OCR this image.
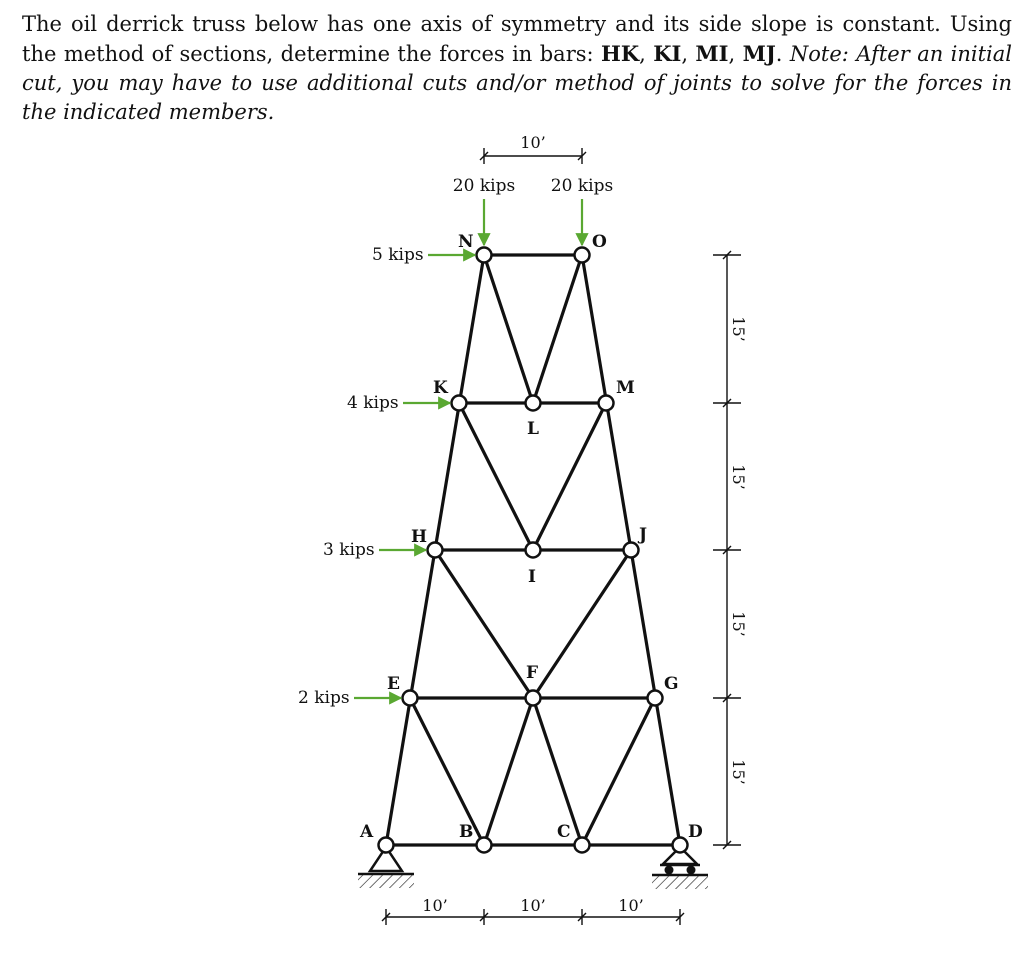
The oil derrick truss below has one axis of symmetry and its side slope is constant. Using the method of sections, determine the forces in bars: HK, KI, MI, MJ. Note: After an initial cut, you may have to use additional cuts and/or method of joints to solve for the forces in the indicated members.

A	B	C	D
E
F
G
H
I
J
K
L
M
N	O
5 kips
4 kips
3 kips
2 kips
20 kips 20 kips
10’
10’	10’	10’
15’
15’
15’
15’
